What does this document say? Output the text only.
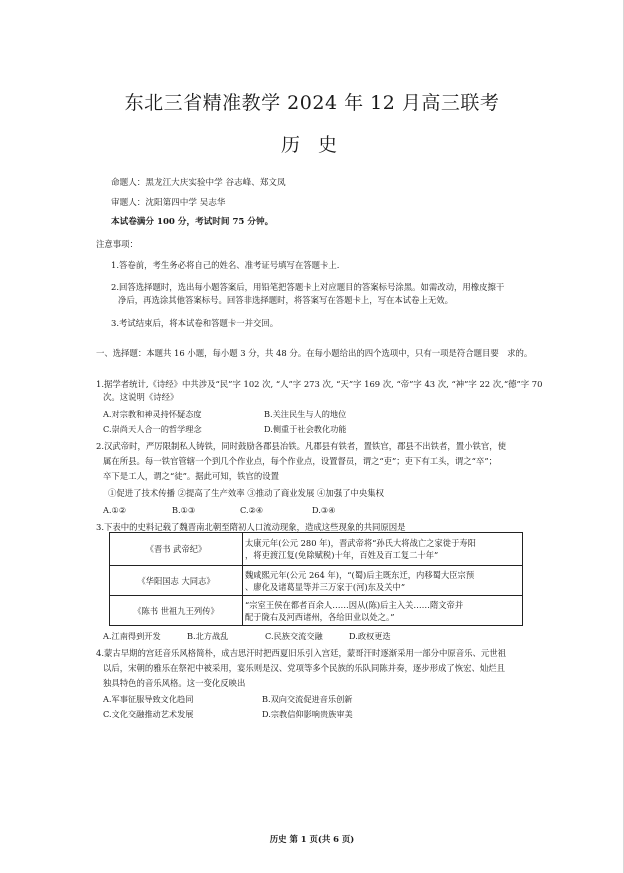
东北三省精准教学 2024 年 12 月高三联考
历 史
命题人：黑龙江大庆实验中学 谷志峰、郑文凤
审题人：沈阳第四中学 吴志华
本试卷满分 100 分，考试时间 75 分钟。
注意事项：
1.答卷前，考生务必将自己的姓名、准考证号填写在答题卡上.
2.回答选择题时，选出每小题答案后，用铅笔把答题卡上对应题目的答案标号涂黑。如需改动，用橡皮擦干
净后，再选涂其他答案标号。回答非选择题时，将答案写在答题卡上，写在本试卷上无效。
3.考试结束后，将本试卷和答题卡一并交回。
一、选择题：本题共 16 小题，每小题 3 分，共 48 分。在每小题给出的四个选项中，只有一项是符合题目要　求的。
1.据学者统计,《诗经》中共涉及“民”字 102 次, “人”字 273 次, “天”字 169 次, “帝”字 43 次, “神”字 22 次,“德”字 70
次。这说明《诗经》
A.对宗教和神灵持怀疑态度	B.关注民生与人的地位
C.崇尚天人合一的哲学理念	D.侧重于社会教化功能
2.汉武帝时，严厉限制私人铸铁，同时鼓励各郡县冶铁。凡郡县有铁者，置铁官，郡县不出铁者，置小铁官，使
属在所县。每一铁官管辖一个到几个作业点，每个作业点，设置督员，谓之“吏”；吏下有工头，谓之“卒”；
卒下是工人，谓之“徒”。据此可知，铁官的设置
①促进了技术传播 ②提高了生产效率 ③推动了商业发展 ④加强了中央集权
A.①②	B.①③	C.②④	D.③④
3.下表中的史料记载了魏晋南北朝至隋初人口流动现象，造成这些现象的共同原因是
《晋书 武帝纪》	太康元年(公元 280 年)，晋武帝将“孙氏大将战亡之家徙于寿阳
，将吏渡江复(免除赋税)十年，百姓及百工复二十年”

《华阳国志 大同志》	魏咸熙元年(公元 264 年)，“(蜀)后主既东迁，内移蜀大臣宗预
、廖化及诸葛显等并三万家于(河)东及关中”

《陈书 世祖九王列传》	“宗室王侯在都者百余人……因从(陈)后主入关……隋文帝并
配于陇右及河西诸州，各给田业以处之。”
A.江南得到开发	B.北方战乱	C.民族交流交融	D.政权更迭
4.蒙古早期的宫廷音乐风格简朴，成吉思汗时把西夏旧乐引入宫廷，蒙哥汗时逐渐采用一部分中原音乐、元世祖
以后，宋朝的雅乐在祭祀中被采用，宴乐则是汉、党项等多个民族的乐队同陈并奏，逐步形成了恢宏、灿烂且
独具特色的音乐风格。这一变化反映出
A.军事征服导致文化趋同	B.双向交流促进音乐创新
C.文化交融推动艺术发展	D.宗教信仰影响贵族审美
历史 第 1 页(共 6 页)
